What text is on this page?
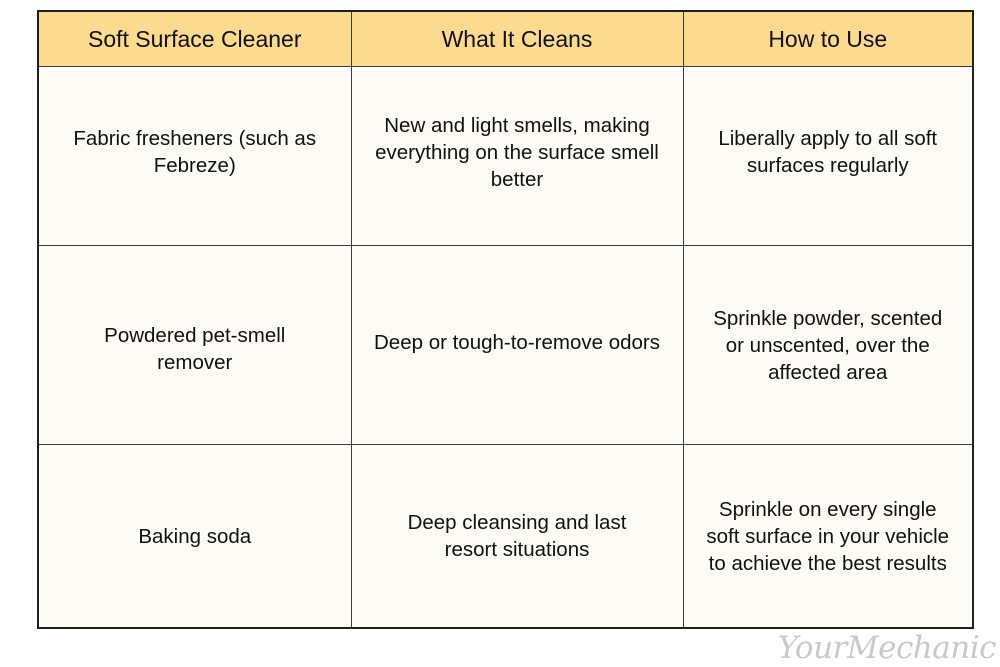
Soft Surface Cleaner	What It Cleans	How to Use

Fabric fresheners (such as Febreze)	New and light smells, making everything on the surface smell better	Liberally apply to all soft surfaces regularly

Powdered pet-smell remover	Deep or tough-to-remove odors	Sprinkle powder, scented or unscented, over the affected area

Baking soda	Deep cleansing and last resort situations	Sprinkle on every single soft surface in your vehicle to achieve the best results
YourMechanic
